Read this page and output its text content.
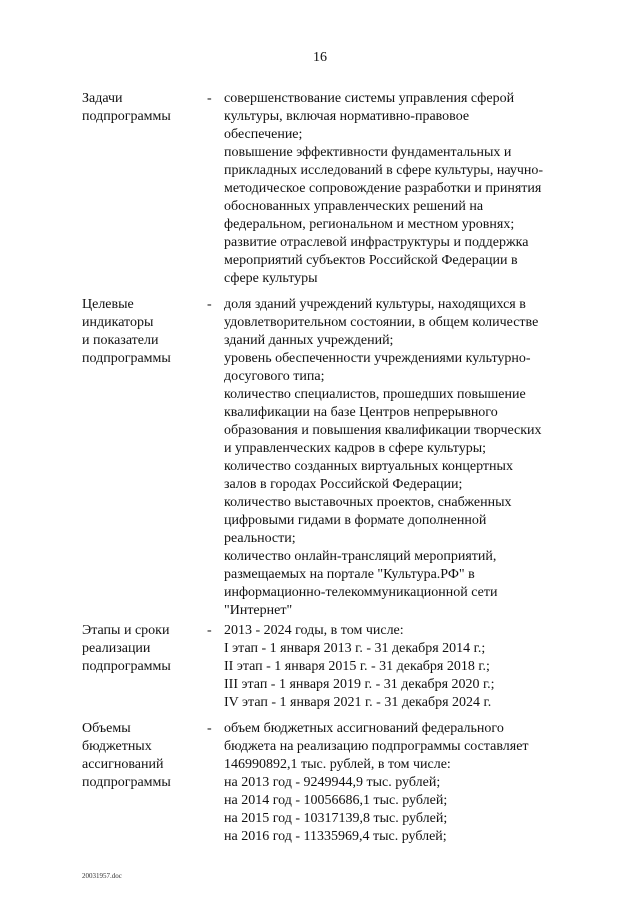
16
Задачи
подпрограммы
- совершенствование системы управления сферой
культуры, включая нормативно-правовое
обеспечение;
повышение эффективности фундаментальных и
прикладных исследований в сфере культуры, научно-
методическое сопровождение разработки и принятия
обоснованных управленческих решений на
федеральном, региональном и местном уровнях;
развитие отраслевой инфраструктуры и поддержка
мероприятий субъектов Российской Федерации в
сфере культуры
Целевые
индикаторы
и показатели
подпрограммы
- доля зданий учреждений культуры, находящихся в
удовлетворительном состоянии, в общем количестве
зданий данных учреждений;
уровень обеспеченности учреждениями культурно-
досугового типа;
количество специалистов, прошедших повышение
квалификации на базе Центров непрерывного
образования и повышения квалификации творческих
и управленческих кадров в сфере культуры;
количество созданных виртуальных концертных
залов в городах Российской Федерации;
количество выставочных проектов, снабженных
цифровыми гидами в формате дополненной
реальности;
количество онлайн-трансляций мероприятий,
размещаемых на портале "Культура.РФ" в
информационно-телекоммуникационной сети
"Интернет"
Этапы и сроки
реализации
подпрограммы
- 2013 - 2024 годы, в том числе:
I этап - 1 января 2013 г. - 31 декабря 2014 г.;
II этап - 1 января 2015 г. - 31 декабря 2018 г.;
III этап - 1 января 2019 г. - 31 декабря 2020 г.;
IV этап - 1 января 2021 г. - 31 декабря 2024 г.
Объемы
бюджетных
ассигнований
подпрограммы
- объем бюджетных ассигнований федерального
бюджета на реализацию подпрограммы составляет
146990892,1 тыс. рублей, в том числе:
на 2013 год - 9249944,9 тыс. рублей;
на 2014 год - 10056686,1 тыс. рублей;
на 2015 год - 10317139,8 тыс. рублей;
на 2016 год - 11335969,4 тыс. рублей;
20031957.doc
